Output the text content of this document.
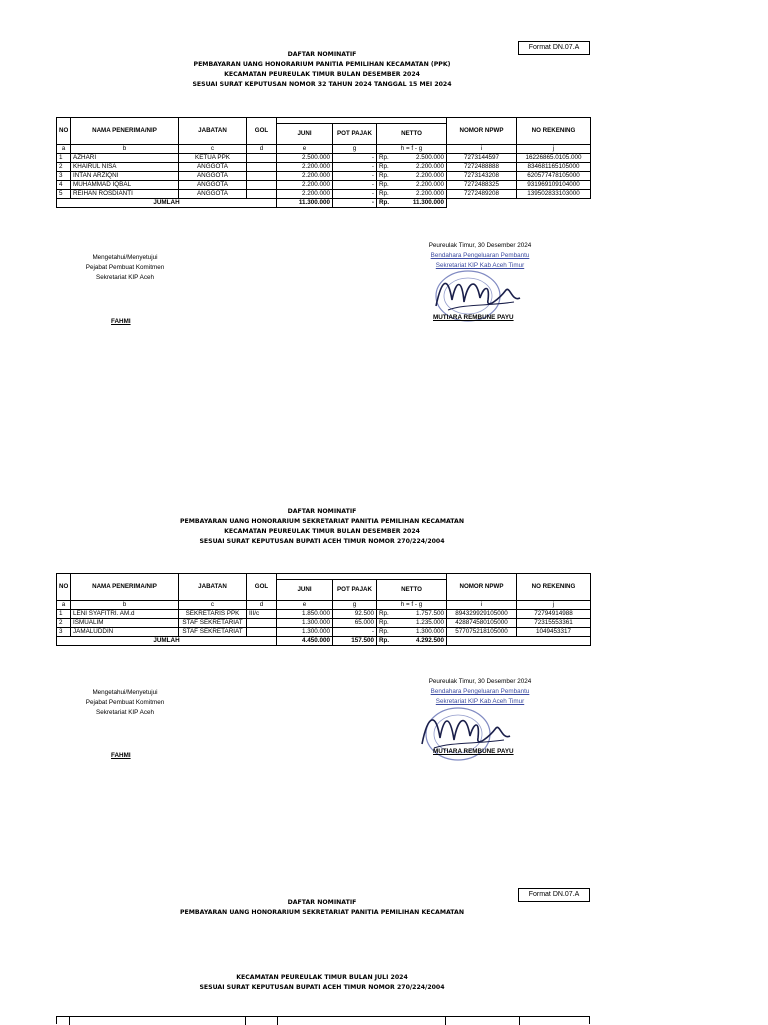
Format DN.07.A
DAFTAR NOMINATIF
PEMBAYARAN UANG HONORARIUM PANITIA PEMILIHAN KECAMATAN (PPK)
KECAMATAN PEUREULAK TIMUR BULAN DESEMBER 2024
SESUAI SURAT KEPUTUSAN NOMOR 32 TAHUN 2024 TANGGAL 15 MEI 2024
NO	NAMA PENERIMA/NIP	JABATAN	GOL					NOMOR NPWP	NO REKENING
				JUNI	POT PAJAK	NETTO			
a	b	c	d	e	g	h = f - g		i	j
1	AZHARI	KETUA PPK		2.500.000	-	Rp.	2.500.000	7273144597	16226865.0105.000
2	KHAIRUL NISA	ANGGOTA		2.200.000	-	Rp.	2.200.000	7272488888	834681165105000
3	INTAN ARZIQNI	ANGGOTA		2.200.000	-	Rp.	2.200.000	7273143208	620577478105000
4	MUHAMMAD IQBAL	ANGGOTA		2.200.000	-	Rp.	2.200.000	7272488325	931969109104000
5	REIHAN ROSDIANTI	ANGGOTA		2.200.000	-	Rp.	2.200.000	7272489208	139502833103000
JUMLAH				11.300.000	-	Rp.	11.300.000		
Mengetahui/Menyetujui
Pejabat Pembuat Komitmen
Sekretariat KIP Aceh
FAHMI
Peureulak Timur, 30 Desember 2024
Bendahara Pengeluaran Pembantu
Sekretariat KIP Kab Aceh Timur
MUTIARA REMBUNE PAYU
DAFTAR NOMINATIF
PEMBAYARAN UANG HONORARIUM SEKRETARIAT PANITIA PEMILIHAN KECAMATAN
KECAMATAN PEUREULAK TIMUR BULAN DESEMBER 2024
SESUAI SURAT KEPUTUSAN BUPATI ACEH TIMUR NOMOR 270/224/2004
NO	NAMA PENERIMA/NIP	JABATAN	GOL					NOMOR NPWP	NO REKENING
				JUNI	POT PAJAK	NETTO			
a	b	c	d	e	g	h = f - g		i	j
1	LENI SYAFITRI. AM.d	SEKRETARIS PPK	III/c	1.850.000	92.500	Rp.	1.757.500	894329929105000	72794914988
2	ISMUALIM	STAF SEKRETARIAT		1.300.000	65.000	Rp.	1.235.000	428874580105000	72315553361
3	JAMALUDDIN	STAF SEKRETARIAT		1.300.000	-	Rp.	1.300.000	577075218105000	1049453317
JUMLAH				4.450.000	157.500	Rp.	4.292.500		
Mengetahui/Menyetujui
Pejabat Pembuat Komitmen
Sekretariat KIP Aceh
FAHMI
Peureulak Timur, 30 Desember 2024
Bendahara Pengeluaran Pembantu
Sekretariat KIP Kab Aceh Timur
MUTIARA REMBUNE PAYU
Format DN.07.A
DAFTAR NOMINATIF
PEMBAYARAN UANG HONORARIUM SEKRETARIAT PANITIA PEMILIHAN KECAMATAN
KECAMATAN PEUREULAK TIMUR BULAN JULI 2024
SESUAI SURAT KEPUTUSAN BUPATI ACEH TIMUR NOMOR 270/224/2004
